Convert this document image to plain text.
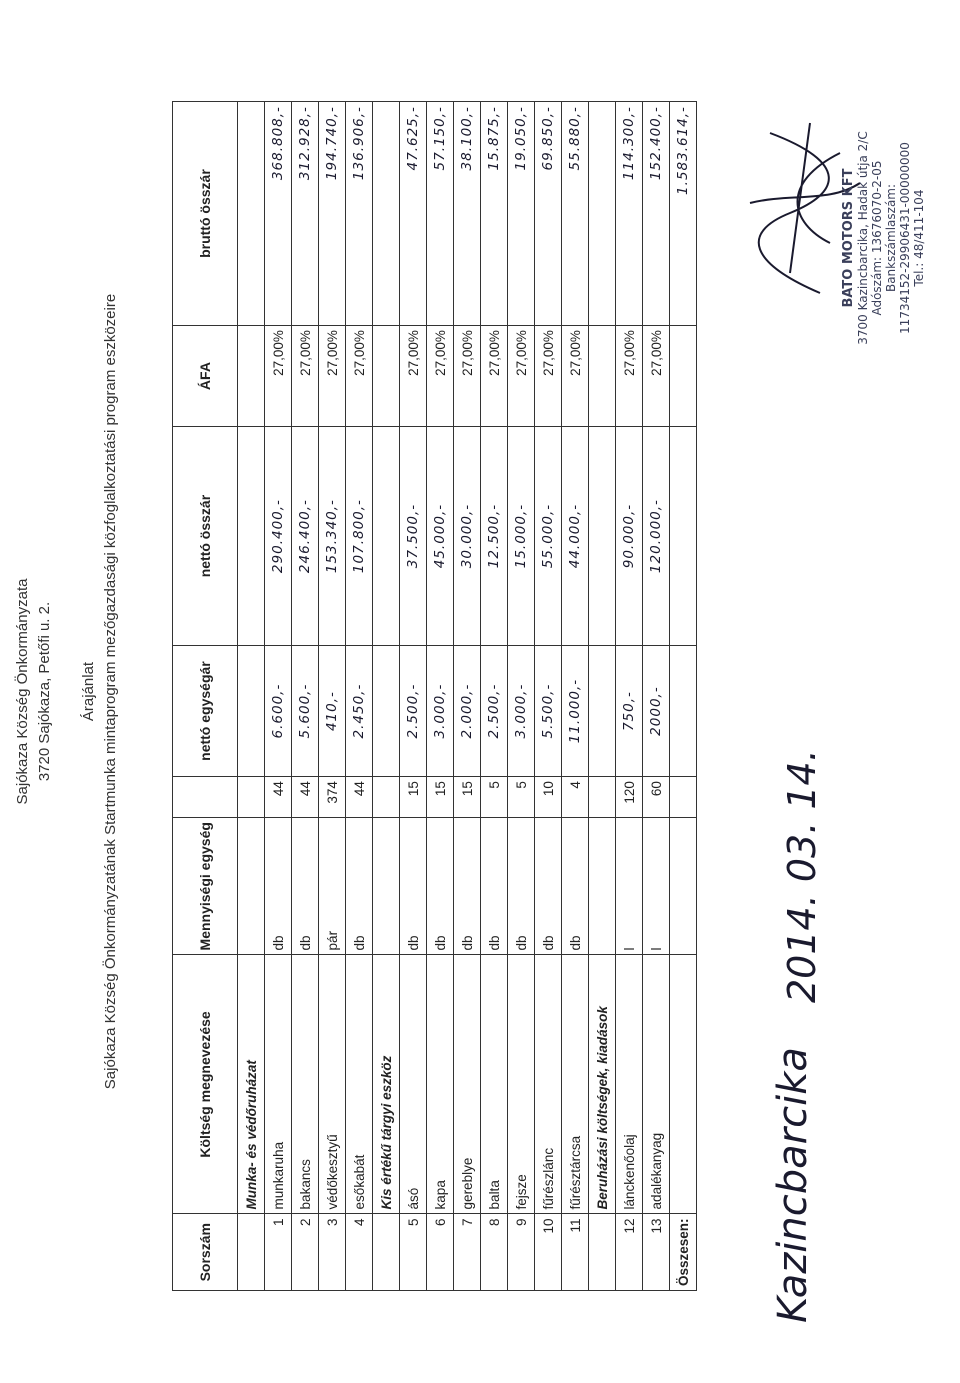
Sajókaza Község Önkormányzata 3720 Sajókaza, Petőfi u. 2. Árajánlat Sajókaza Község Önkormányzatának Startmunka mintaprogram mezőgazdasági közfoglalkoztatási program eszközeire
Sorszám	Költség megnevezése	Mennyiségi egység		nettó egységár	nettó összár	ÁFA	bruttó összár
	Munka- és védőruházat						
1	munkaruha	db	44	6.600,-	290.400,-	27,00%	368.808,-
2	bakancs	db	44	5.600,-	246.400,-	27,00%	312.928,-
3	védőkesztyű	pár	374	410,-	153.340,-	27,00%	194.740,-
4	esőkabát	db	44	2.450,-	107.800,-	27,00%	136.906,-
	Kis értékű tárgyi eszköz						
5	ásó	db	15	2.500,-	37.500,-	27,00%	47.625,-
6	kapa	db	15	3.000,-	45.000,-	27,00%	57.150,-
7	gereblye	db	15	2.000,-	30.000,-	27,00%	38.100,-
8	balta	db	5	2.500,-	12.500,-	27,00%	15.875,-
9	fejsze	db	5	3.000,-	15.000,-	27,00%	19.050,-
10	fűrészlánc	db	10	5.500,-	55.000,-	27,00%	69.850,-
11	fűrésztárcsa	db	4	11.000,-	44.000,-	27,00%	55.880,-
	Beruházási költségek, kiadások						
12	lánckenőolaj	l	120	750,-	90.000,-	27,00%	114.300,-
13	adalékanyag	l	60	2000,-	120.000,-	27,00%	152.400,-
Összesen:							1.583.614,-
Kazincbarcika
2014. 03. 14.
BATO MOTORS KFT 3700 Kazincbarcika, Hadak útja 2/C Adószám: 13676070-2-05 Bankszámlaszám: 11734152-29906431-00000000 Tel.: 48/411-104
